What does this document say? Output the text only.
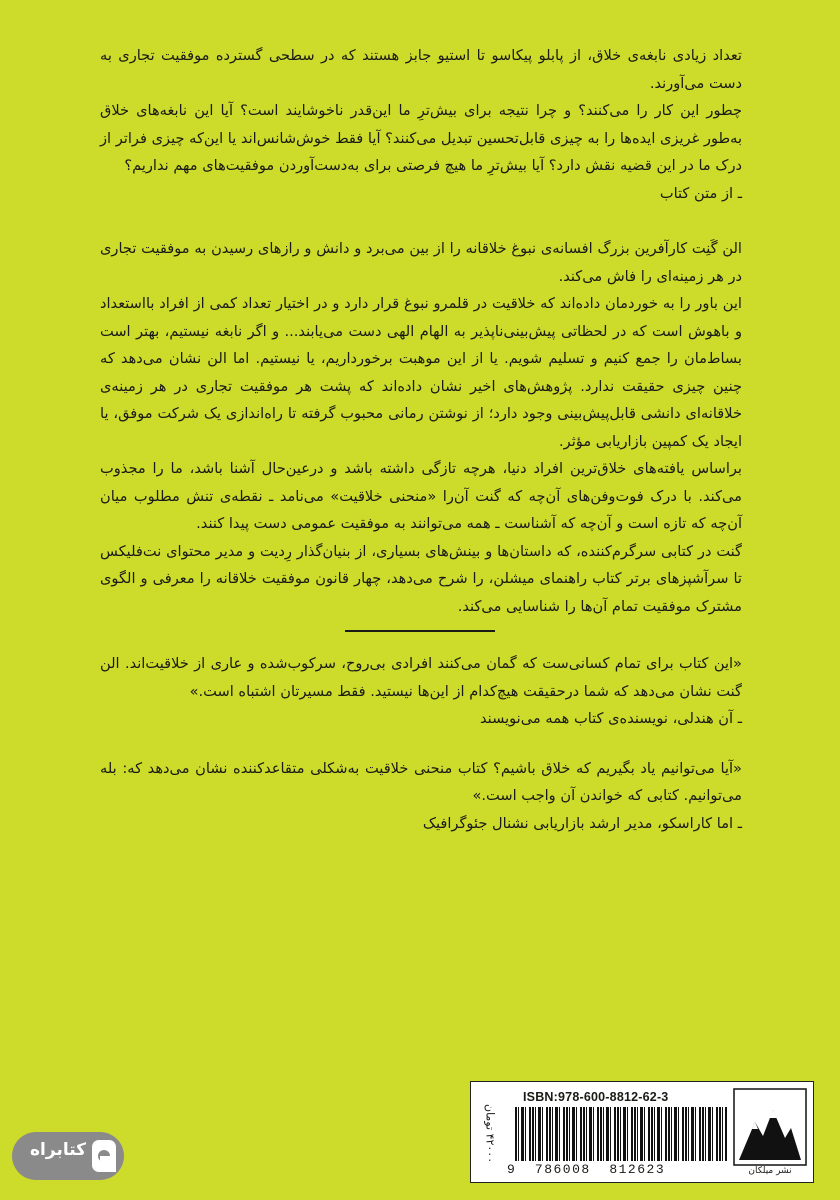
تعداد زیادی نابغه‌ی خلاق، از پابلو پیکاسو تا استیو جابز هستند که در سطحی گسترده موفقیت تجاری به دست می‌آورند.

چطور این کار را می‌کنند؟ و چرا نتیجه برای بیش‌ترِ ما این‌قدر ناخوشایند است؟ آیا این نابغه‌های خلاق به‌طور غریزی ایده‌ها را به چیزی قابل‌تحسین تبدیل می‌کنند؟ آیا فقط خوش‌شانس‌اند یا این‌که چیزی فراتر از درک ما در این قضیه نقش دارد؟ آیا بیش‌ترِ ما هیچ فرصتی برای به‌دست‌آوردن موفقیت‌های مهم نداریم؟

ـ از متن کتاب

الن گَنِت کارآفرین بزرگ افسانه‌ی نبوغ خلاقانه را از بین می‌برد و دانش و رازهای رسیدن به موفقیت تجاری در هر زمینه‌ای را فاش می‌کند.

این باور را به خوردمان داده‌اند که خلاقیت در قلمرو نبوغ قرار دارد و در اختیار تعداد کمی از افراد بااستعداد و باهوش است که در لحظاتی پیش‌بینی‌ناپذیر به الهام الهی دست می‌یابند... و اگر نابغه نیستیم، بهتر است بساط‌مان را جمع کنیم و تسلیم شویم. یا از این موهبت برخورداریم، یا نیستیم. اما الن نشان می‌دهد که چنین چیزی حقیقت ندارد. پژوهش‌های اخیر نشان داده‌اند که پشت هر موفقیت تجاری در هر زمینه‌ی خلاقانه‌ای دانشی قابل‌پیش‌بینی وجود دارد؛ از نوشتن رمانی محبوب گرفته تا راه‌اندازی یک شرکت موفق، یا ایجاد یک کمپین بازاریابی مؤثر.

براساس یافته‌های خلاق‌ترین افراد دنیا، هرچه تازگی داشته باشد و درعین‌حال آشنا باشد، ما را مجذوب می‌کند. با درک فوت‌وفن‌های آن‌چه که گنت آن‌را «منحنی خلاقیت» می‌نامد ـ نقطه‌ی تنش مطلوب میان آن‌چه که تازه است و آن‌چه که آشناست ـ همه می‌توانند به موفقیت عمومی دست پیدا کنند.

گنت در کتابی سرگرم‌کننده، که داستان‌ها و بینش‌های بسیاری، از بنیان‌گذار رِدیت و مدیر محتوای نت‌فلیکس تا سرآشپزهای برتر کتاب راهنمای میشلن، را شرح می‌دهد، چهار قانون موفقیت خلاقانه را معرفی و الگوی مشترک موفقیت تمام آن‌ها را شناسایی می‌کند.

«این کتاب برای تمام کسانی‌ست که گمان می‌کنند افرادی بی‌روح، سرکوب‌شده و عاری از خلاقیت‌اند. الن گنت نشان می‌دهد که شما درحقیقت هیچ‌کدام از این‌ها نیستید. فقط مسیرتان اشتباه است.»

ـ آن هندلی، نویسنده‌ی کتاب همه می‌نویسند

«آیا می‌توانیم یاد بگیریم که خلاق باشیم؟ کتاب منحنی خلاقیت به‌شکلی متقاعدکننده نشان می‌دهد که: بله می‌توانیم. کتابی که خواندن آن واجب است.»

ـ اما کاراسکو، مدیر ارشد بازاریابی نشنال جئوگرافیک

۴۲۰۰۰ تومان
ISBN:978-600-8812-62-3
9  786008  812623	نشر میلکان
کتابراه
